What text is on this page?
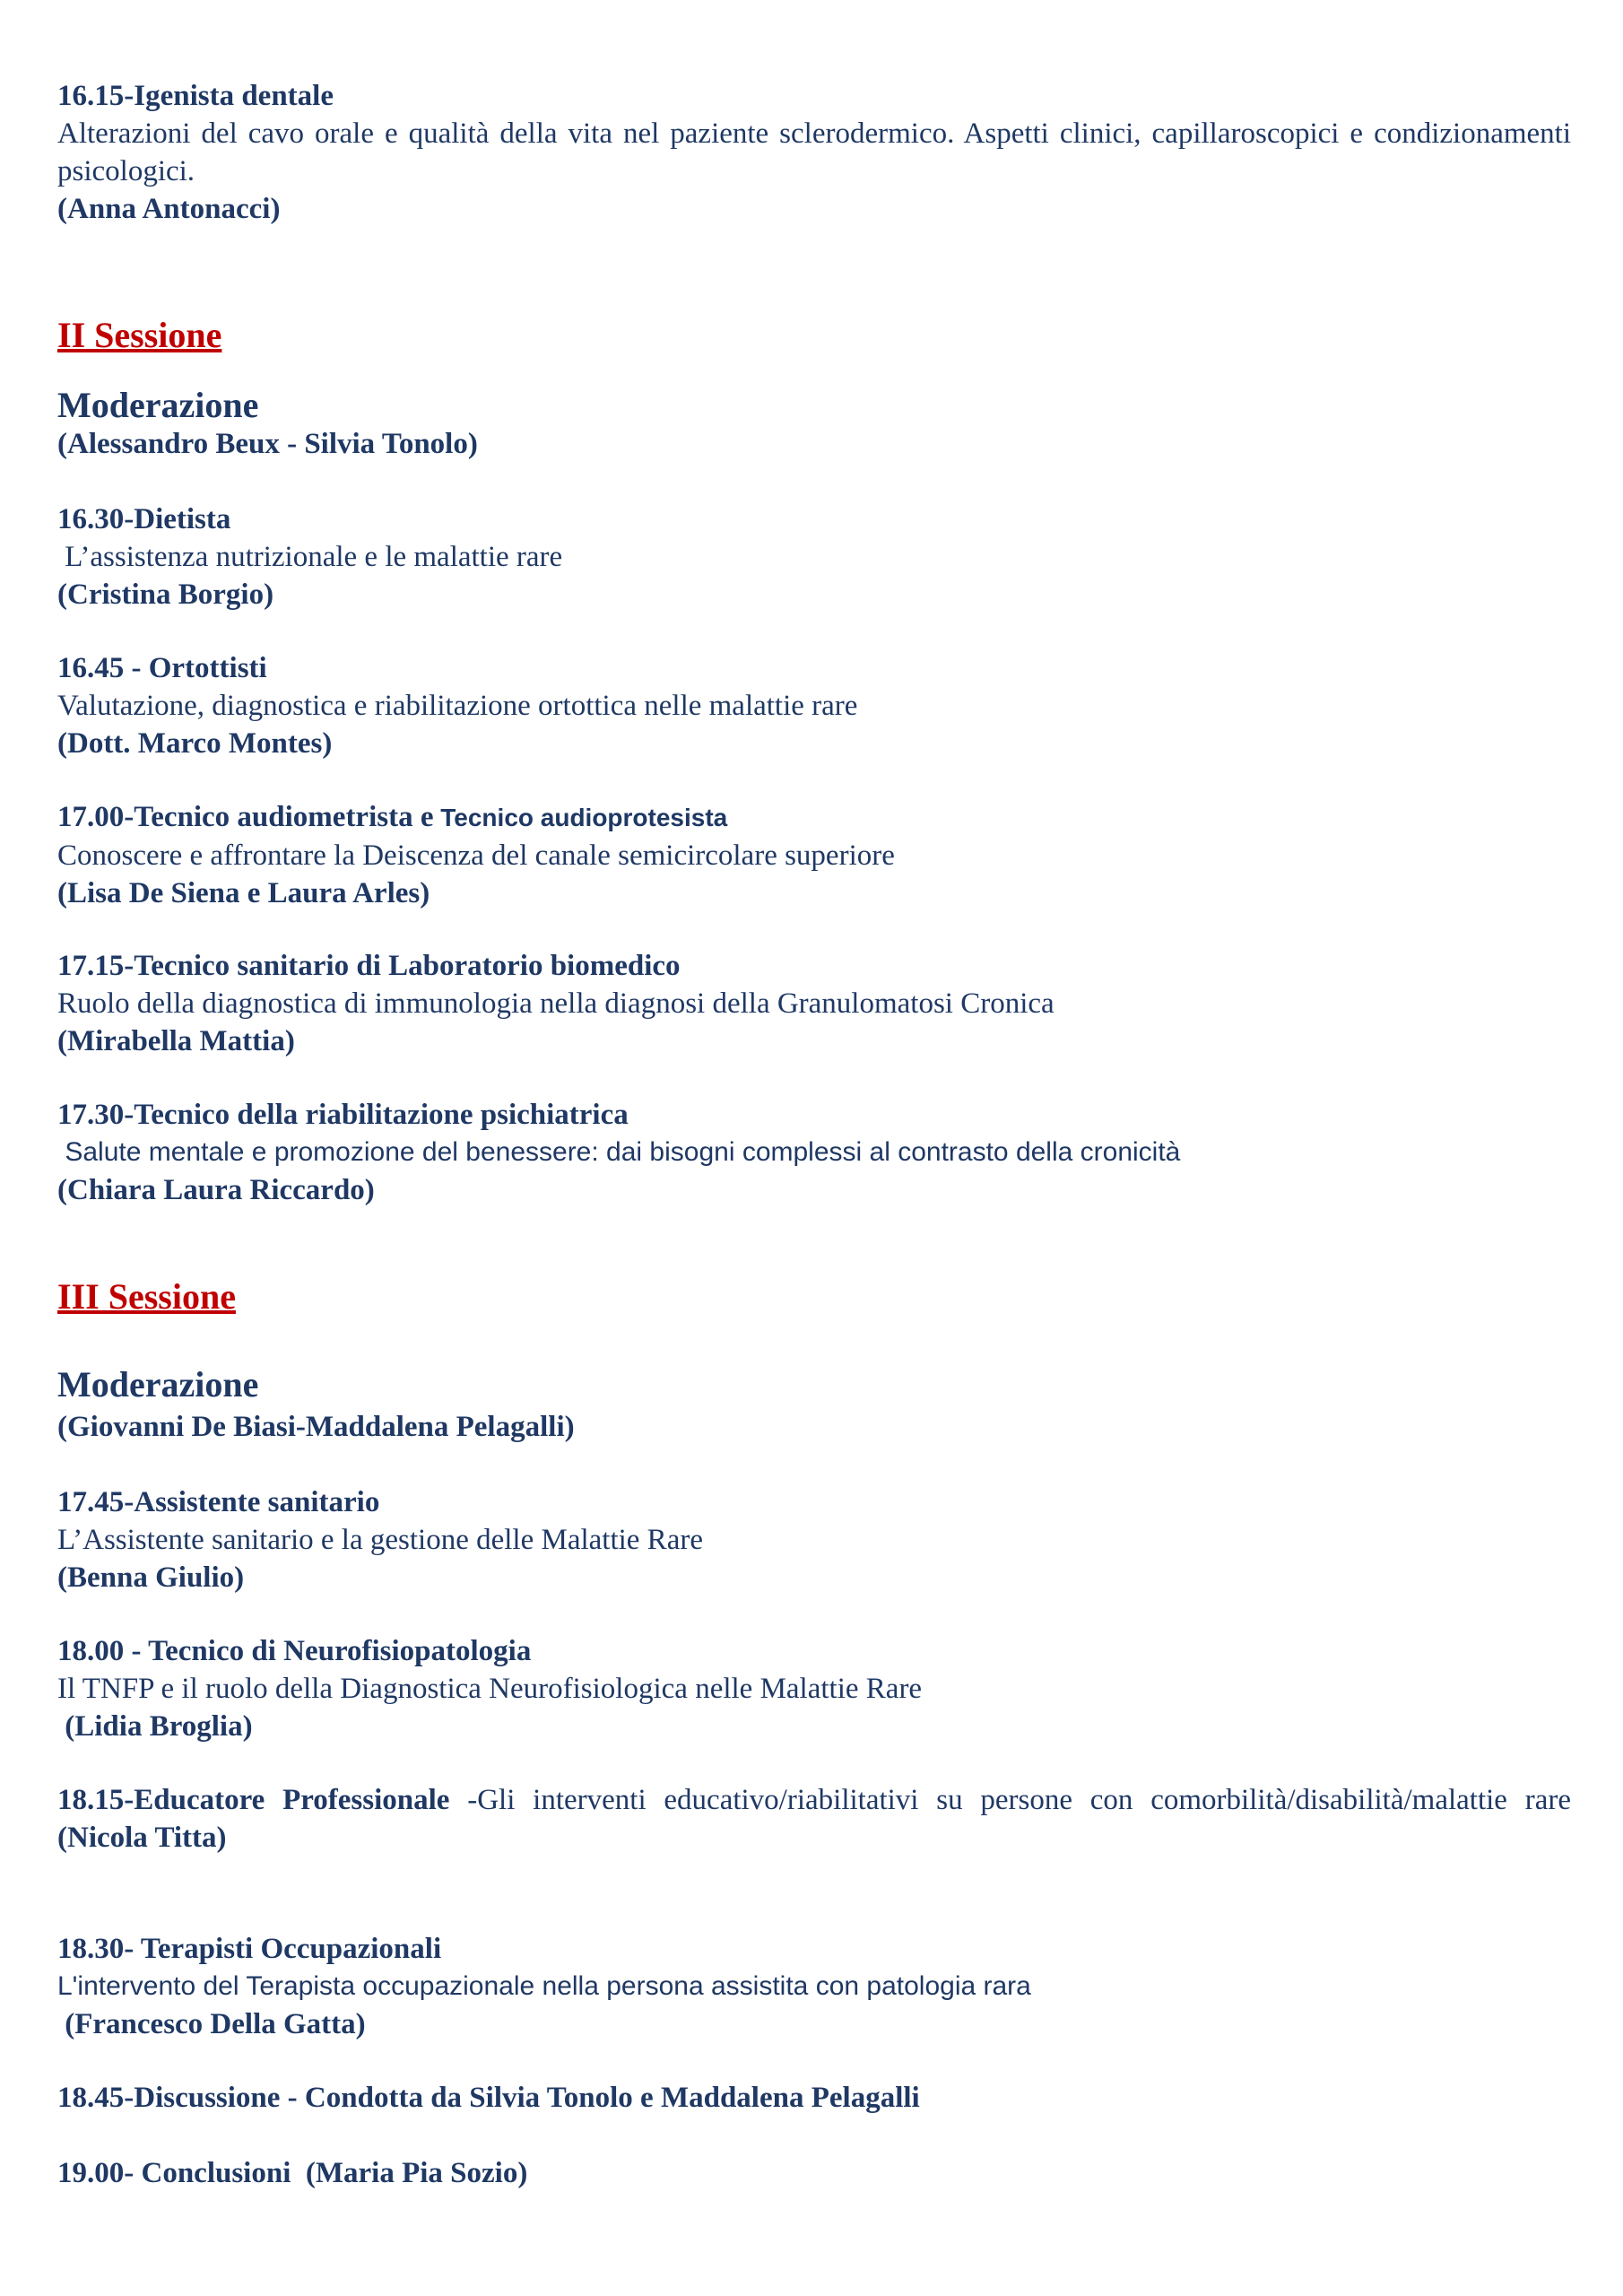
16.15-Igenista dentale
Alterazioni del cavo orale e qualità della vita nel paziente sclerodermico. Aspetti clinici, capillaroscopici e condizionamenti psicologici.
(Anna Antonacci)
II Sessione
Moderazione
(Alessandro Beux - Silvia Tonolo)
16.30-Dietista
L’assistenza nutrizionale e le malattie rare
(Cristina Borgio)
16.45 - Ortottisti
Valutazione, diagnostica e riabilitazione ortottica nelle malattie rare
(Dott. Marco Montes)
17.00-Tecnico audiometrista e Tecnico audioprotesista
Conoscere e affrontare la Deiscenza del canale semicircolare superiore
(Lisa De Siena e Laura Arles)
17.15-Tecnico sanitario di Laboratorio biomedico
Ruolo della diagnostica di immunologia nella diagnosi della Granulomatosi Cronica
(Mirabella Mattia)
17.30-Tecnico della riabilitazione psichiatrica
Salute mentale e promozione del benessere: dai bisogni complessi al contrasto della cronicità
(Chiara Laura Riccardo)
III Sessione
Moderazione
(Giovanni De Biasi-Maddalena Pelagalli)
17.45-Assistente sanitario
L’Assistente sanitario e la gestione delle Malattie Rare
(Benna Giulio)
18.00 - Tecnico di Neurofisiopatologia
Il TNFP e il ruolo della Diagnostica Neurofisiologica nelle Malattie Rare
(Lidia Broglia)
18.15-Educatore Professionale -Gli interventi educativo/riabilitativi su persone con comorbilità/disabilità/malattie rare (Nicola Titta)
18.30- Terapisti Occupazionali
L'intervento del Terapista occupazionale nella persona assistita con patologia rara
(Francesco Della Gatta)
18.45-Discussione - Condotta da Silvia Tonolo e Maddalena Pelagalli
19.00- Conclusioni  (Maria Pia Sozio)
